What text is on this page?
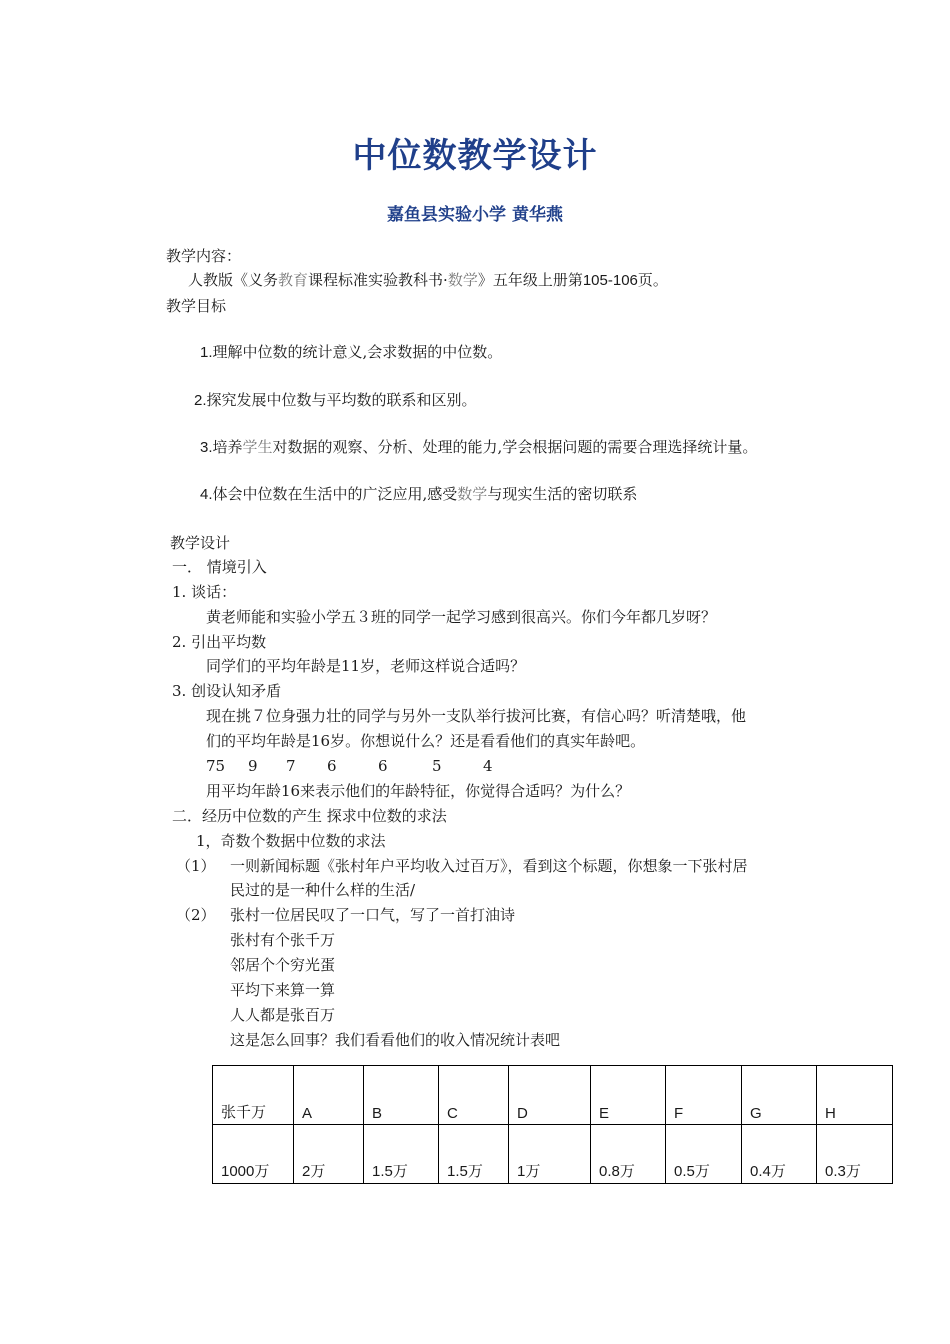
中位数教学设计
嘉鱼县实验小学 黄华燕
教学内容：
人教版《义务教育课程标准实验教科书·数学》五年级上册第105-106页。
教学目标
1.理解中位数的统计意义,会求数据的中位数。
2.探究发展中位数与平均数的联系和区别。
3.培养学生对数据的观察、分析、处理的能力,学会根据问题的需要合理选择统计量。
4.体会中位数在生活中的广泛应用,感受数学与现实生活的密切联系
教学设计
一． 情境引入
1. 谈话：
黄老师能和实验小学五３班的同学一起学习感到很高兴。你们今年都几岁呀？
2. 引出平均数
同学们的平均年龄是11岁，老师这样说合适吗？
3. 创设认知矛盾
现在挑７位身强力壮的同学与另外一支队举行拔河比赛，有信心吗？听清楚哦，他
们的平均年龄是16岁。你想说什么？还是看看他们的真实年龄吧。
75 9 7 6	6	5	4
用平均年龄16来表示他们的年龄特征，你觉得合适吗？为什么？
二．经历中位数的产生 探求中位数的求法
1，奇数个数据中位数的求法
（1） 一则新闻标题《张村年户平均收入过百万》，看到这个标题，你想象一下张村居
民过的是一种什么样的生活/
（2） 张村一位居民叹了一口气，写了一首打油诗
张村有个张千万
邻居个个穷光蛋
平均下来算一算
人人都是张百万
这是怎么回事？我们看看他们的收入情况统计表吧
张千万	A	B	C	D	E	F	G	H
1000万	2万	1.5万	1.5万	1万	0.8万	0.5万	0.4万	0.3万
